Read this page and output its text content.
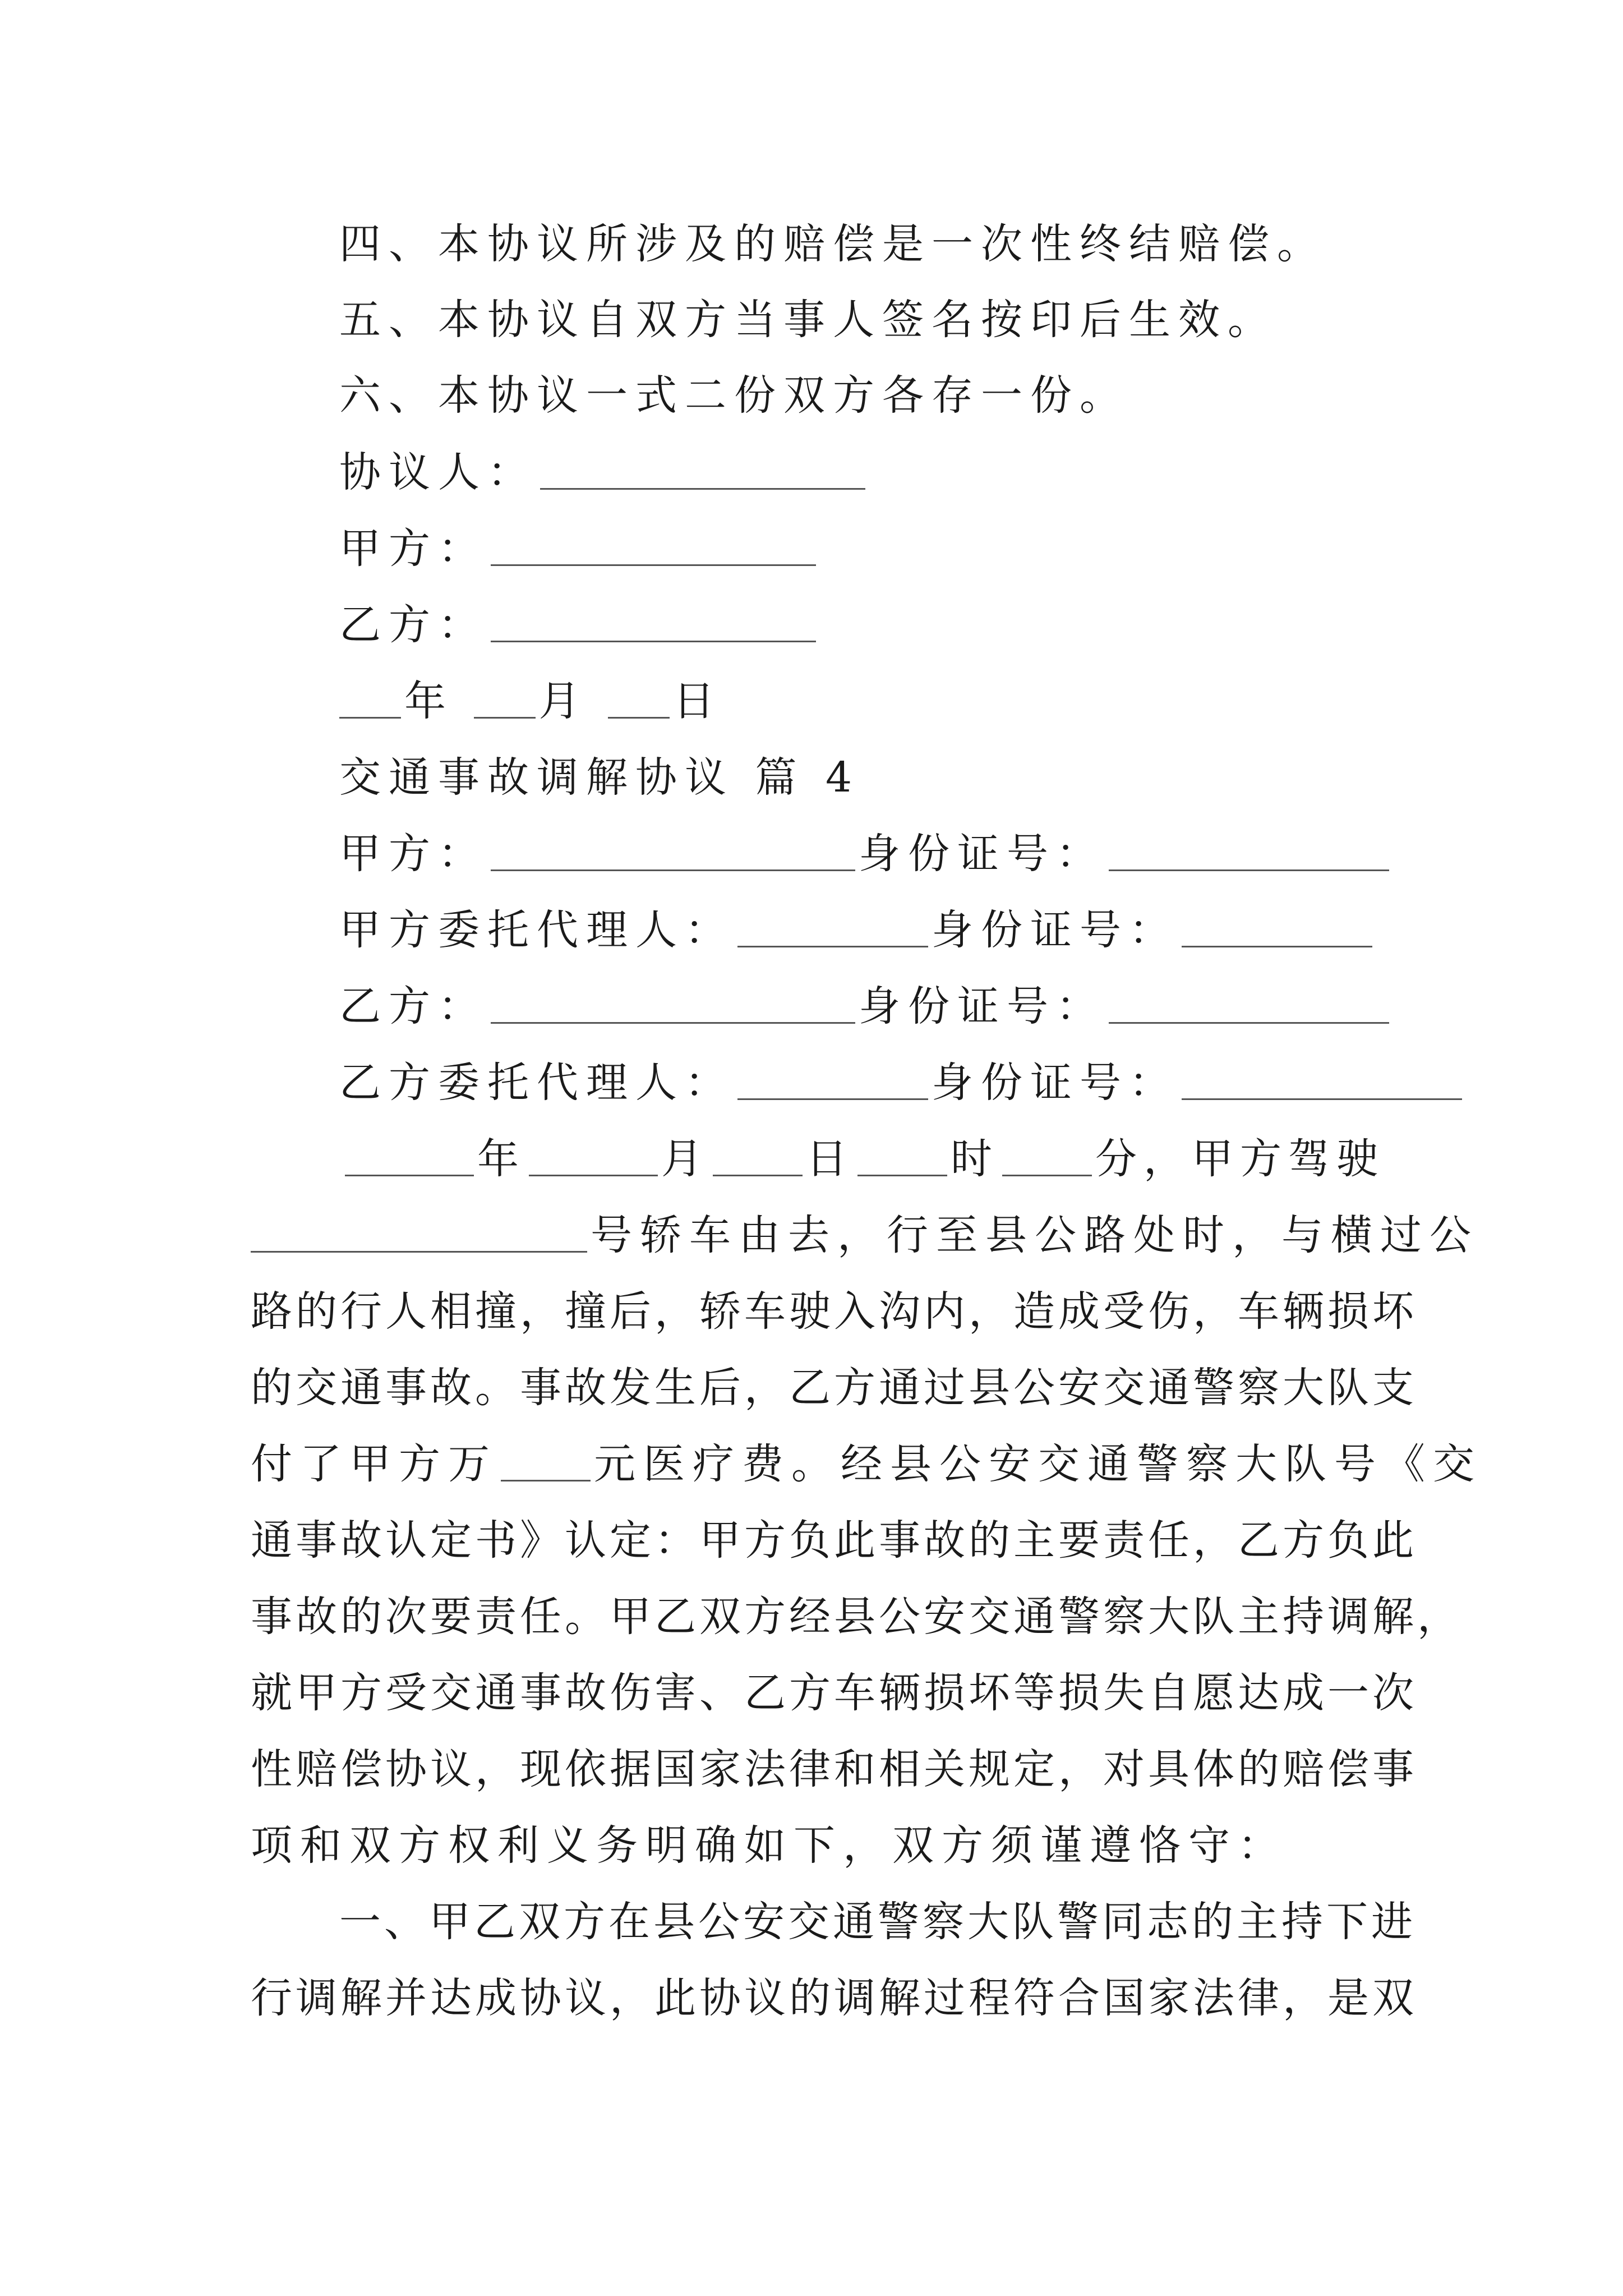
四、本协议所涉及的赔偿是一次性终结赔偿。
五、本协议自双方当事人签名按印后生效。
六、本协议一式二份双方各存一份。
协议人：
甲方：
乙方：
年 月 日
交通事故调解协议 篇 4
甲方：	身份证号：
甲方委托代理人：	身份证号：
乙方：	身份证号：
乙方委托代理人：	身份证号：
年	月 日 时 分，甲方驾驶
号轿车由去，行至县公路处时，与横过公
路的行人相撞，撞后，轿车驶入沟内，造成受伤，车辆损坏
的交通事故。事故发生后，乙方通过县公安交通警察大队支
付了甲方万 元医疗费。经县公安交通警察大队号《交
通事故认定书》认定：甲方负此事故的主要责任，乙方负此
事故的次要责任。甲乙双方经县公安交通警察大队主持调解，
就甲方受交通事故伤害、乙方车辆损坏等损失自愿达成一次
性赔偿协议，现依据国家法律和相关规定，对具体的赔偿事
项和双方权利义务明确如下，双方须谨遵恪守：
一、甲乙双方在县公安交通警察大队警同志的主持下进
行调解并达成协议，此协议的调解过程符合国家法律，是双
